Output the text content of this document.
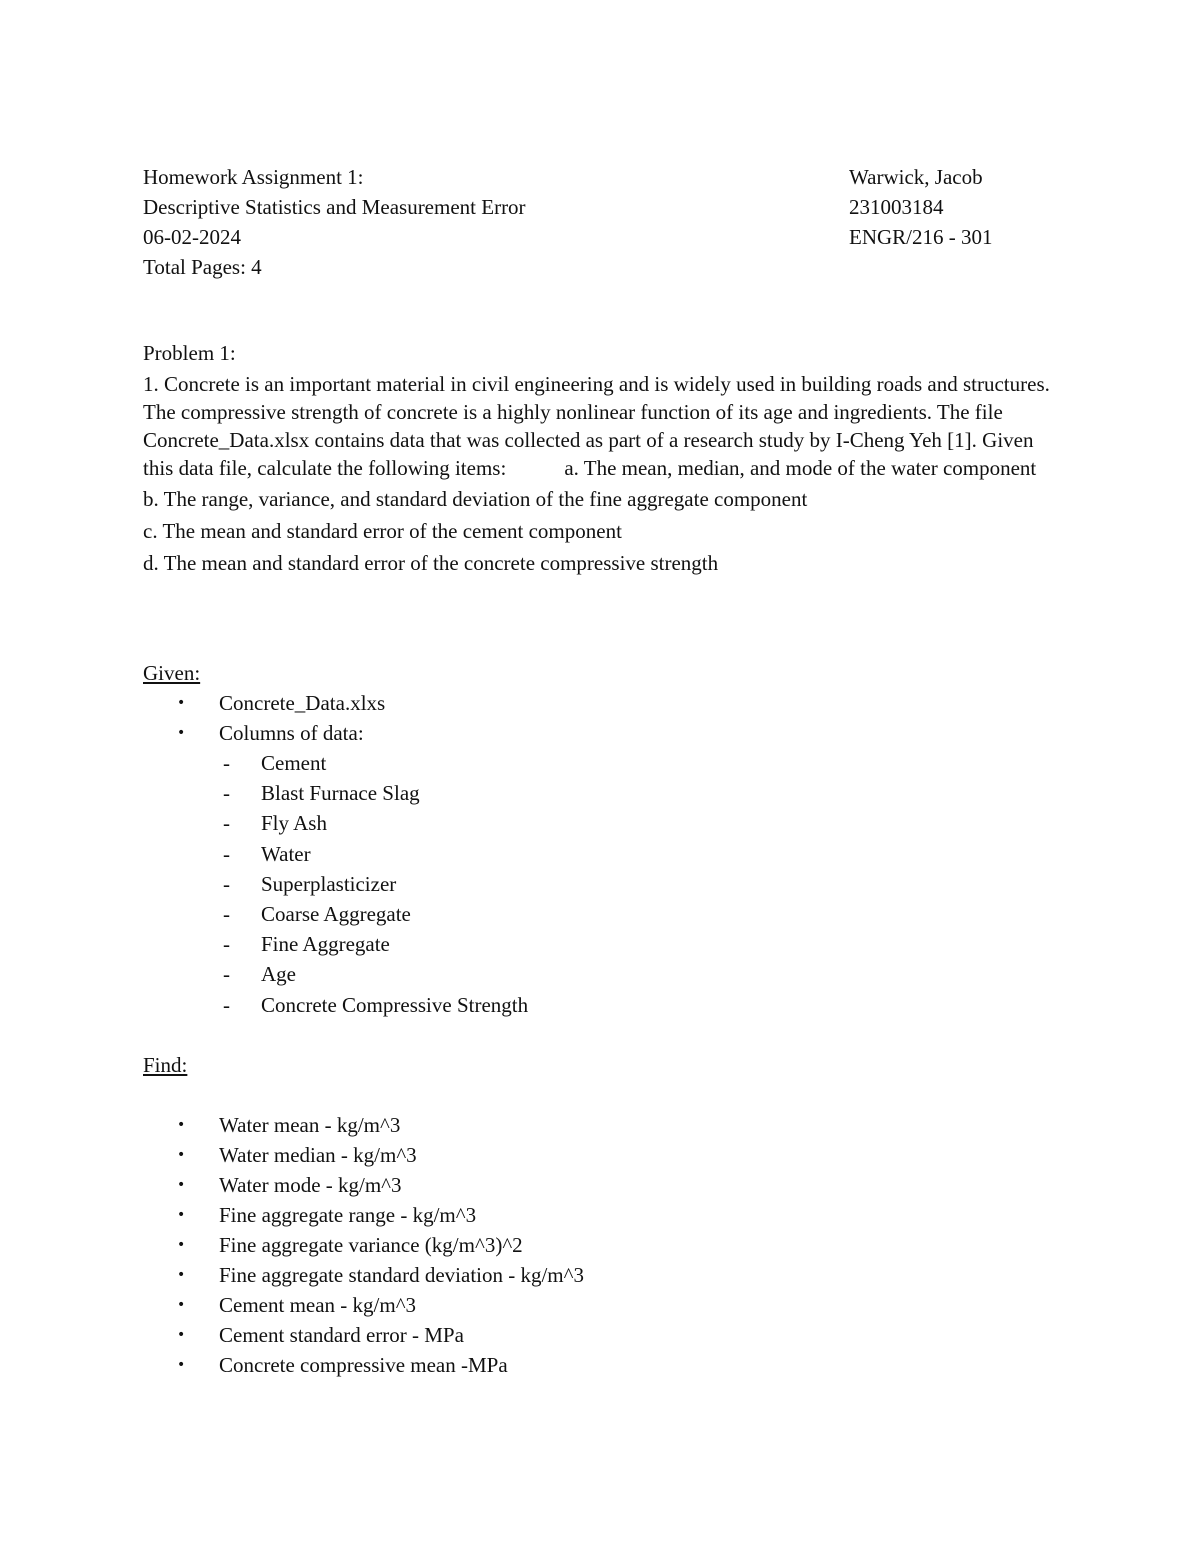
Homework Assignment 1:	Warwick, Jacob
Descriptive Statistics and Measurement Error	231003184
06-02-2024	ENGR/216 - 301
Total Pages: 4

Problem 1:

1. Concrete is an important material in civil engineering and is widely used in building roads and structures. The compressive strength of concrete is a highly nonlinear function of its age and ingredients. The file Concrete_Data.xlsx contains data that was collected as part of a research study by I-Cheng Yeh [1]. Given this data file, calculate the following items:	a. The mean, median, and mode of the water component

b. The range, variance, and standard deviation of the fine aggregate component

c. The mean and standard error of the cement component

d. The mean and standard error of the concrete compressive strength

Given:

• Concrete_Data.xlxs
• Columns of data:
- Cement
- Blast Furnace Slag
- Fly Ash
- Water
- Superplasticizer
- Coarse Aggregate
- Fine Aggregate
- Age
- Concrete Compressive Strength

Find:

• Water mean - kg/m^3
• Water median - kg/m^3
• Water mode - kg/m^3
• Fine aggregate range - kg/m^3
• Fine aggregate variance (kg/m^3)^2
• Fine aggregate standard deviation - kg/m^3
• Cement mean - kg/m^3
• Cement standard error - MPa
• Concrete compressive mean -MPa
